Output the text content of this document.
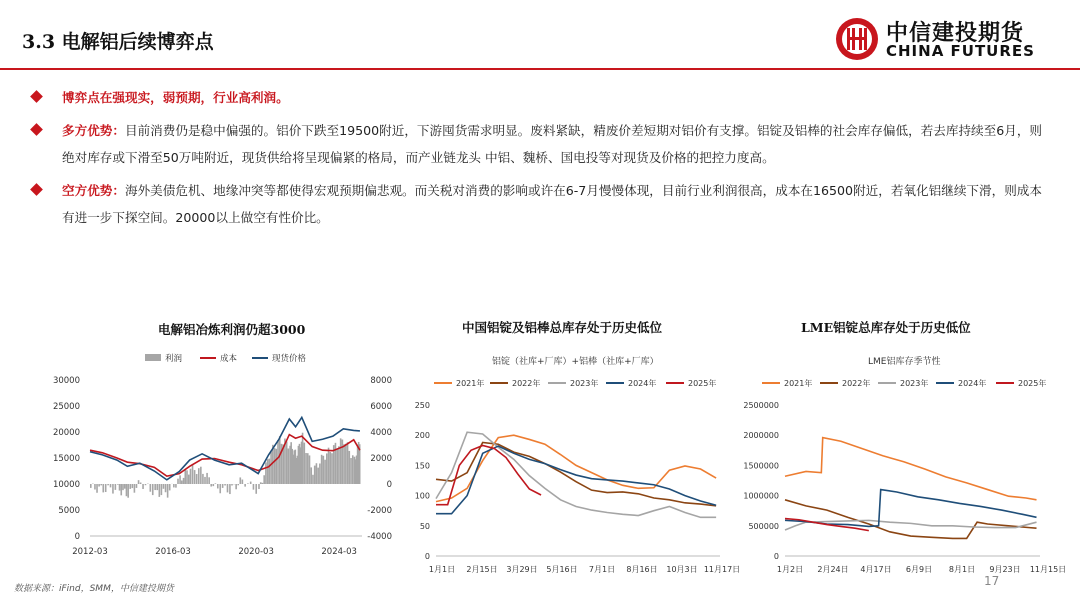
3.3 电解铝后续博弈点	中信建投期货
CHINA FUTURES
博弈点在强现实，弱预期，行业高利润。
多方优势：目前消费仍是稳中偏强的。铝价下跌至19500附近，下游囤货需求明显。废料紧缺，精废价差短期对铝价有支撑。铝锭及铝棒的社会库存偏低，若去库持续至6月，则绝对库存或下滑至50万吨附近，现货供给将呈现偏紧的格局，而产业链龙头 中铝、魏桥、国电投等对现货及价格的把控力度高。
空方优势：海外美债危机、地缘冲突等都使得宏观预期偏悲观。而关税对消费的影响或许在6-7月慢慢体现，目前行业利润很高，成本在16500附近，若氧化铝继续下滑，则成本有进一步下探空间。20000以上做空有性价比。
电解铝冶炼利润仍超3000
利润	成本	现货价格
30000
25000
20000
15000
10000
5000
0
8000
6000
4000
2000
0
-2000
-4000
2012-03	2016-03	2020-03	2024-03
中国铝锭及铝棒总库存处于历史低位
铝锭（社库+厂库）+铝棒（社库+厂库）
2021年	2022年	2023年	2024年	2025年
250
200
150
100
50
0
1月1日 2月15日 3月29日 5月16日 7月1日 8月16日 10月3日 11月17日
LME铝锭总库存处于历史低位
LME铝库存季节性
2021年	2022年	2023年	2024年	2025年
2500000
2000000
1500000
1000000
500000
0
1月2日 2月24日 4月17日 6月9日 8月1日 9月23日 11月15日
数据来源：iFind，SMM，中信建投期货
17
